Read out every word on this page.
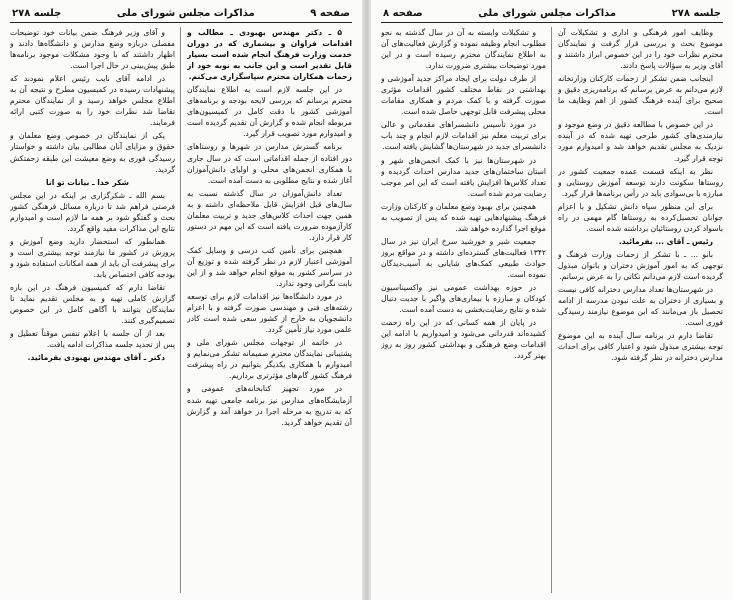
صفحه ۹
مذاکرات مجلس شورای ملی
جلسه ۲۷۸

۵ ـ دکتر مهندس بهبودی ـ مطالب و اقدامات فراوان و بیشماری که در دوران خدمت وزارت فرهنگ انجام شده است بسیار قابل تقدیر است و این جانب به نوبه خود از زحمات همکاران محترم سپاسگزاری می‌کنم.

در این جلسه لازم است به اطلاع نمایندگان محترم برسانم که بررسی لایحه بودجه و برنامه‌های آموزشی کشور با دقت کامل در کمیسیون‌های مربوطه انجام شده و گزارش آن تقدیم گردیده است و امیدوارم مورد تصویب قرار گیرد.

برنامه گسترش مدارس در شهرها و روستاهای دور افتاده از جمله اقداماتی است که در سال جاری با همکاری انجمن‌های محلی و اولیای دانش‌آموزان آغاز شده و نتایج مطلوبی به دست آمده است.

تعداد دانش‌آموزان در سال گذشته نسبت به سال‌های قبل افزایش قابل ملاحظه‌ای داشته و به همین جهت احداث کلاس‌های جدید و تربیت معلمان کارآزموده ضرورت یافته است که این مهم در دستور کار قرار دارد.

همچنین برای تأمین کتب درسی و وسایل کمک آموزشی اعتبار لازم در نظر گرفته شده و توزیع آن در سراسر کشور به موقع انجام خواهد شد و از این بابت نگرانی وجود ندارد.

در مورد دانشگاه‌ها نیز اقدامات لازم برای توسعه رشته‌های فنی و مهندسی صورت گرفته و با اعزام دانشجویان به خارج از کشور سعی شده است کادر علمی مورد نیاز تأمین گردد.

در خاتمه از توجهات مجلس شورای ملی و پشتیبانی نمایندگان محترم صمیمانه تشکر می‌نمایم و امیدوارم با همکاری یکدیگر بتوانیم در راه پیشرفت فرهنگ کشور گام‌های مؤثرتری برداریم.

در مورد تجهیز کتابخانه‌های عمومی و آزمایشگاه‌های مدارس نیز برنامه جامعی تهیه شده که به تدریج به مرحله اجرا در خواهد آمد و گزارش آن تقدیم خواهد گردید.

و آقای وزیر فرهنگ ضمن بیانات خود توضیحات مفصلی درباره وضع مدارس و دانشگاه‌ها دادند و اظهار داشتند که با وجود مشکلات موجود برنامه‌ها طبق پیش‌بینی در حال اجرا است.

در ادامه آقای نایب رئیس اعلام نمودند که پیشنهادات رسیده در کمیسیون مطرح و نتیجه آن به اطلاع مجلس خواهد رسید و از نمایندگان محترم تقاضا شد نظرات خود را به صورت کتبی ارائه فرمایند.

یکی از نمایندگان در خصوص وضع معلمان و حقوق و مزایای آنان مطالبی بیان داشته و خواستار رسیدگی فوری به وضع معیشت این طبقه زحمتکش گردید.

شکر خدا ـ بیانات تو انا

بسم الله ـ شکرگزاری بر اینکه در این مجلس فرصتی فراهم شد تا درباره مسائل فرهنگی کشور بحث و گفتگو شود بر همه ما لازم است و امیدوارم نتایج این مذاکرات مفید واقع گردد.

همانطور که استحضار دارید وضع آموزش و پرورش در کشور ما نیازمند توجه بیشتری است و برای پیشرفت آن باید از همه امکانات استفاده شود و بودجه کافی اختصاص یابد.

تقاضا دارم که کمیسیون فرهنگ در این باره گزارش کاملی تهیه و به مجلس تقدیم نماید تا نمایندگان بتوانند با آگاهی کامل در این خصوص تصمیم‌گیری کنند.

بعد از آن جلسه با اعلام تنفس موقتاً تعطیل و پس از تجدید جلسه مذاکرات ادامه یافت.

دکتر ـ آقای مهندس بهبودی بفرمائید.

جلسه ۲۷۸
مذاکرات مجلس شورای ملی
صفحه ۸

وظایف امور فرهنگی و اداری و تشکیلات آن موضوع بحث و بررسی قرار گرفت و نمایندگان محترم نظرات خود را در این خصوص ابراز داشتند و آقای وزیر به سؤالات پاسخ دادند.

اینجانب ضمن تشکر از زحمات کارکنان وزارتخانه لازم می‌دانم به عرض برسانم که برنامه‌ریزی دقیق و صحیح برای آینده فرهنگ کشور از اهم وظایف ما است.

در این خصوص با مطالعه دقیق در وضع موجود و نیازمندی‌های کشور طرحی تهیه شده که در آینده نزدیک به مجلس تقدیم خواهد شد و امیدوارم مورد توجه قرار گیرد.

نظر به اینکه قسمت عمده جمعیت کشور در روستاها سکونت دارند توسعه آموزش روستایی و مبارزه با بی‌سوادی باید در رأس برنامه‌ها قرار گیرد.

برای این منظور سپاه دانش تشکیل و با اعزام جوانان تحصیل‌کرده به روستاها گام مهمی در راه باسواد کردن روستائیان برداشته شده است.

رئیس ـ آقای ... بفرمائید.

بانو ... ـ با تشکر از زحمات وزارت فرهنگ و توجهی که به امور آموزش دختران و بانوان مبذول گردیده است لازم می‌دانم نکاتی را به عرض برسانم.

در شهرستان‌ها تعداد مدارس دخترانه کافی نیست و بسیاری از دختران به علت نبودن مدرسه از ادامه تحصیل باز می‌مانند که این موضوع نیازمند رسیدگی فوری است.

تقاضا دارم در برنامه سال آینده به این موضوع توجه بیشتری مبذول شود و اعتبار کافی برای احداث مدارس دخترانه در نظر گرفته شود.

و تشکیلات وابسته به آن در سال گذشته به نحو مطلوب انجام وظیفه نموده و گزارش فعالیت‌های آن به اطلاع نمایندگان محترم رسیده است و در این مورد توضیحات بیشتری ضرورت ندارد.

از طرف دولت برای ایجاد مراکز جدید آموزشی و بهداشتی در نقاط مختلف کشور اقدامات مؤثری صورت گرفته و با کمک مردم و همکاری مقامات محلی پیشرفت قابل توجهی حاصل شده است.

در مورد تأسیس دانشسراهای مقدماتی و عالی برای تربیت معلم نیز اقدامات لازم انجام و چند باب دانشسرای جدید در شهرستان‌ها گشایش یافته است.

در شهرستان‌ها نیز با کمک انجمن‌های شهر و استان ساختمان‌های جدید مدارس احداث گردیده و تعداد کلاس‌ها افزایش یافته است که این امر موجب رضایت مردم شده است.

همچنین برای بهبود وضع معلمان و کارکنان وزارت فرهنگ پیشنهادهایی تهیه شده که پس از تصویب به موقع اجرا گذارده خواهد شد.

جمعیت شیر و خورشید سرخ ایران نیز در سال ۱۳۴۲ فعالیت‌های گسترده‌ای داشته و در مواقع بروز حوادث طبیعی کمک‌های شایانی به آسیب‌دیدگان نموده است.

در حوزه بهداشت عمومی نیز واکسیناسیون کودکان و مبارزه با بیماری‌های واگیر با جدیت دنبال شده و نتایج رضایت‌بخشی به دست آمده است.

در پایان از همه کسانی که در این راه زحمت کشیده‌اند قدردانی می‌شود و امیدواریم با ادامه این اقدامات وضع فرهنگی و بهداشتی کشور روز به روز بهتر گردد.
